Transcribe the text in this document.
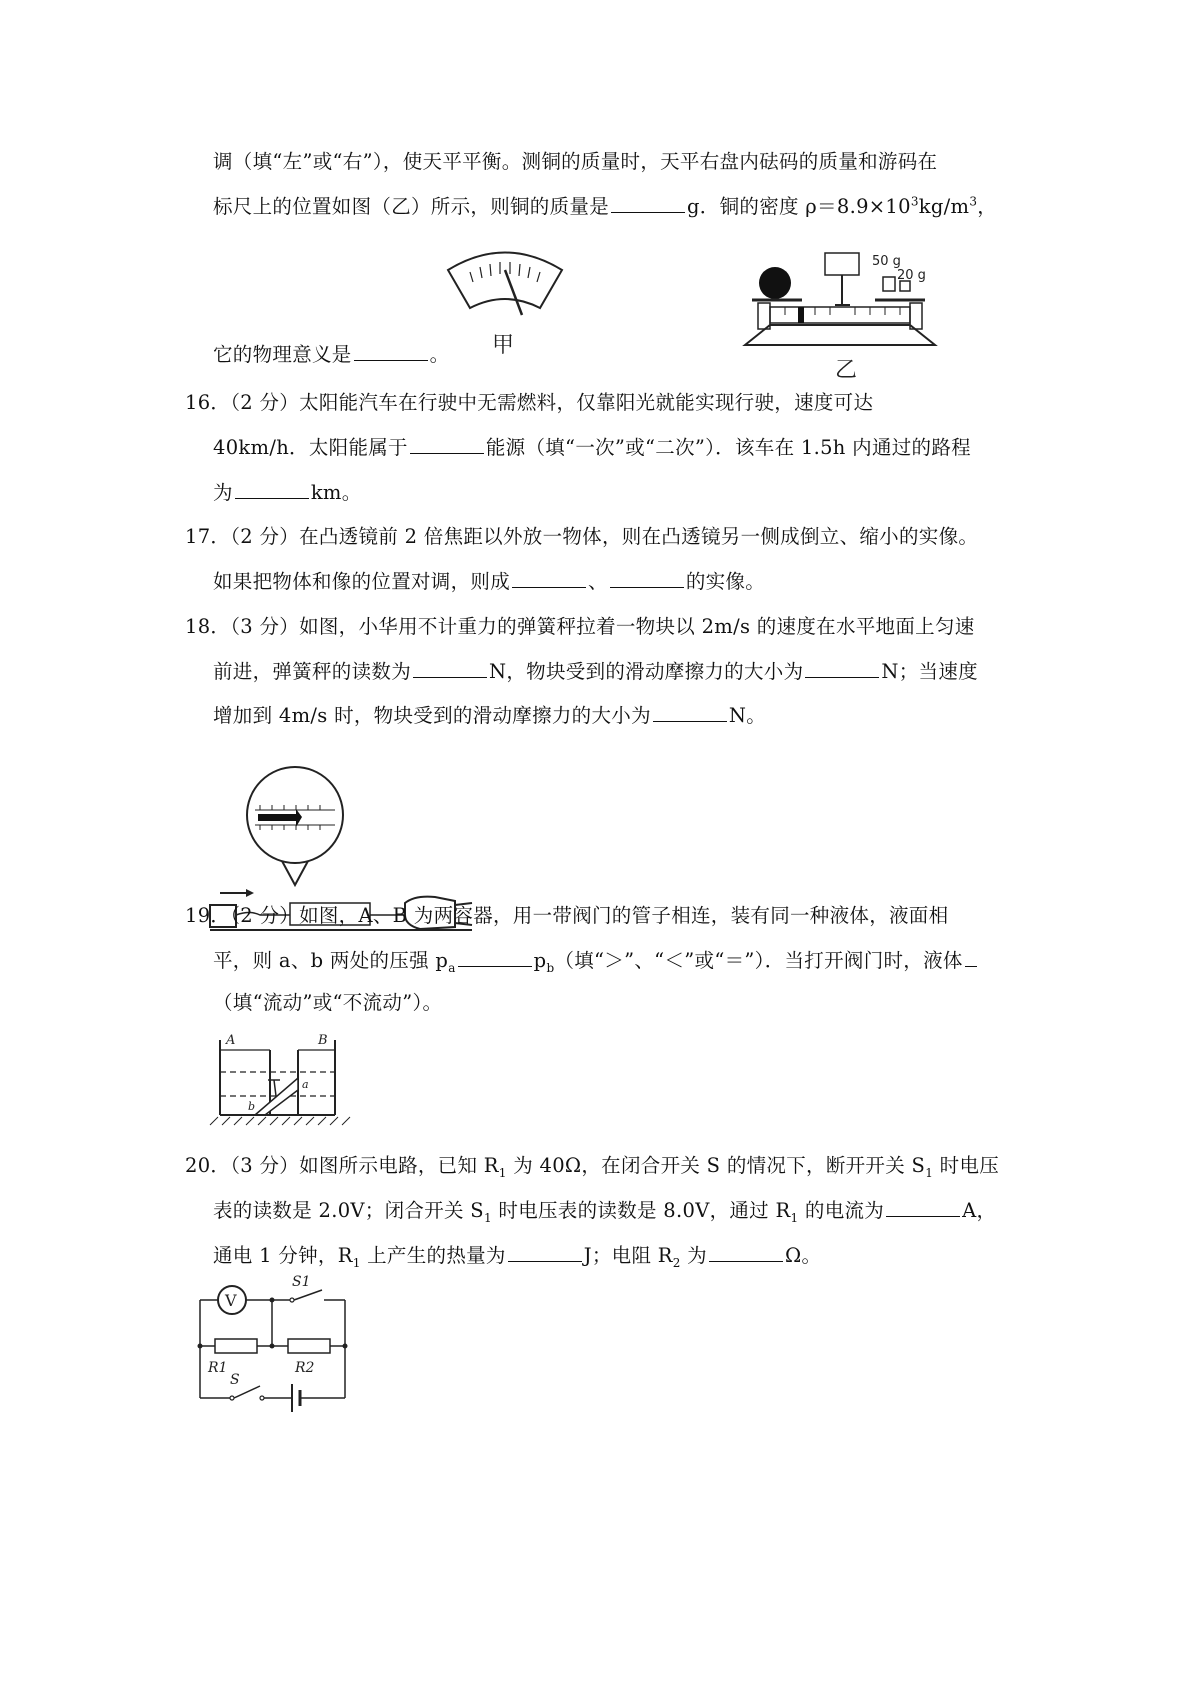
调（填“左”或“右”），使天平平衡。测铜的质量时，天平右盘内砝码的质量和游码在
标尺上的位置如图（乙）所示，则铜的质量是	g．铜的密度 $\rho=8.9\times 10^3kg/m^3$，
它的物理意义是	。 甲
50 g
20 g
乙
16．（2 分）太阳能汽车在行驶中无需燃料，仅靠阳光就能实现行驶，速度可达
40km/h．太阳能属于	能源（填“一次”或“二次”）．该车在 1.5h 内通过的路程
为	km。
17．（2 分）在凸透镜前 2 倍焦距以外放一物体，则在凸透镜另一侧成倒立、缩小的实像。
如果把物体和像的位置对调，则成	、	的实像。
18．（3 分）如图，小华用不计重力的弹簧秤拉着一物块以 2m/s 的速度在水平地面上匀速
前进，弹簧秤的读数为	N，物块受到的滑动摩擦力的大小为	N；当速度
增加到 4m/s 时，物块受到的滑动摩擦力的大小为	N。
19．（2 分）如图，A、B 为两容器，用一带阀门的管子相连，装有同一种液体，液面相
平，则 a、b 两处的压强 $p_a$	$p_b$（填“＞”、“＜”或“＝”）．当打开阀门时，液体
（填“流动”或“不流动”）。
A	B
a
b
20．（3 分）如图所示电路，已知 $R_1$ 为 40Ω，在闭合开关 S 的情况下，断开开关 $S_1$ 时电压
表的读数是 2.0V；闭合开关 $S_1$ 时电压表的读数是 8.0V，通过 $R_1$ 的电流为	A，
通电 1 分钟，$R_1$ 上产生的热量为	J；电阻 $R_2$ 为	Ω。
V
S1
R1	R2
S
